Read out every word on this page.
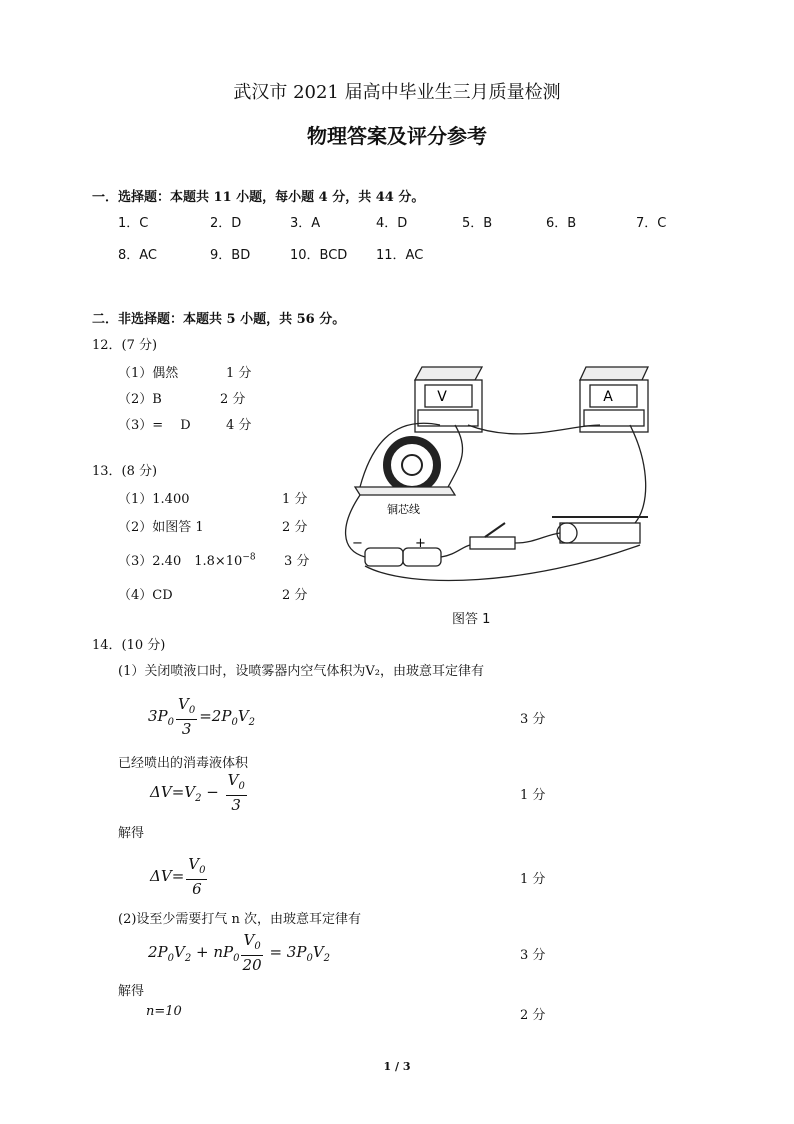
武汉市 2021 届高中毕业生三月质量检测
物理答案及评分参考
一．选择题：本题共 11 小题，每小题 4 分，共 44 分。
1．C	2．D	3．A	4．D	5．B	6．B	7．C
8．AC	9．BD	10．BCD 11．AC
二．非选择题：本题共 5 小题，共 56 分。
12．(7 分)
（1）偶然	1 分
（2）B	2 分
（3）=　 D	4 分
13．(8 分)
（1）1.400	1 分
（2）如图答 1	2 分
（3）2.40　$1.8\times 10^{-8}$ 3 分
（4）CD	2 分
V	A
铜芯线
−	+
图答 1
14．(10 分)
(1）关闭喷液口时，设喷雾器内空气体积为V₂，由玻意耳定律有
$3P_0 \frac{V_0}{3} =2P_0V_2$	3 分
已经喷出的消毒液体积
$\Delta V=V_2 - \frac{V_0}{3}$	1 分
解得
$\Delta V= \frac{V_0}{6}$	1 分
(2)设至少需要打气 n 次，由玻意耳定律有
$2P_0V_2 + nP_0 \frac{V_0}{20} = 3P_0V_2$	3 分
解得
n=10	2 分
1 / 3
